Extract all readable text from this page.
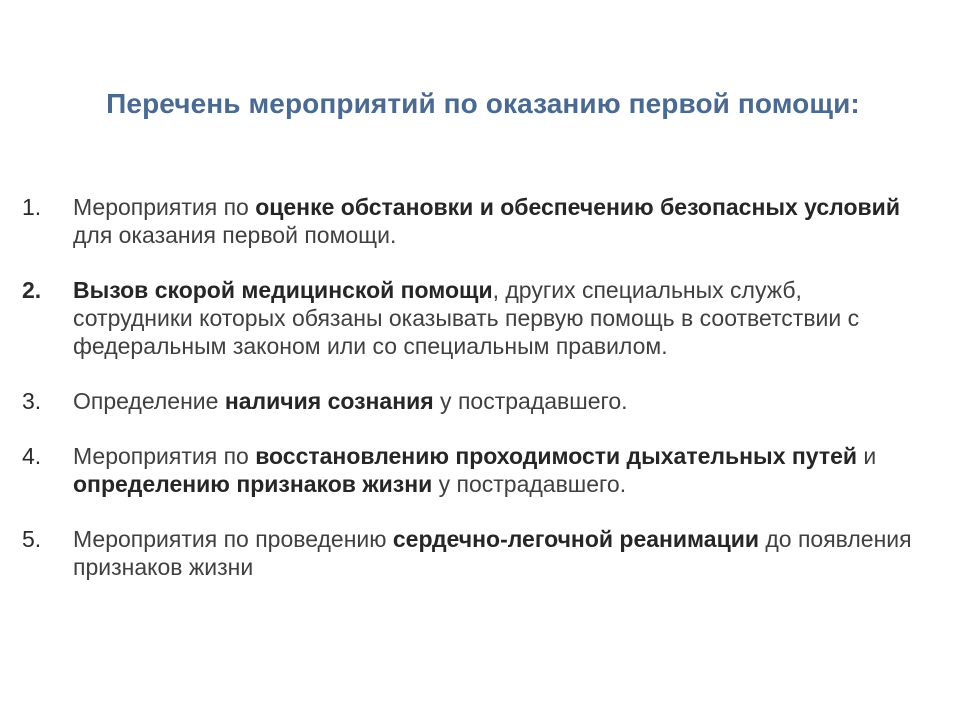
Перечень мероприятий по оказанию первой помощи:
1. Мероприятия по оценке обстановки и обеспечению безопасных условий для оказания первой помощи.
2. Вызов скорой медицинской помощи, других специальных служб, сотрудники которых обязаны оказывать первую помощь в соответствии с федеральным законом или со специальным правилом.
3. Определение наличия сознания у пострадавшего.
4. Мероприятия по восстановлению проходимости дыхательных путей и определению признаков жизни у пострадавшего.
5. Мероприятия по проведению сердечно-легочной реанимации до появления признаков жизни
